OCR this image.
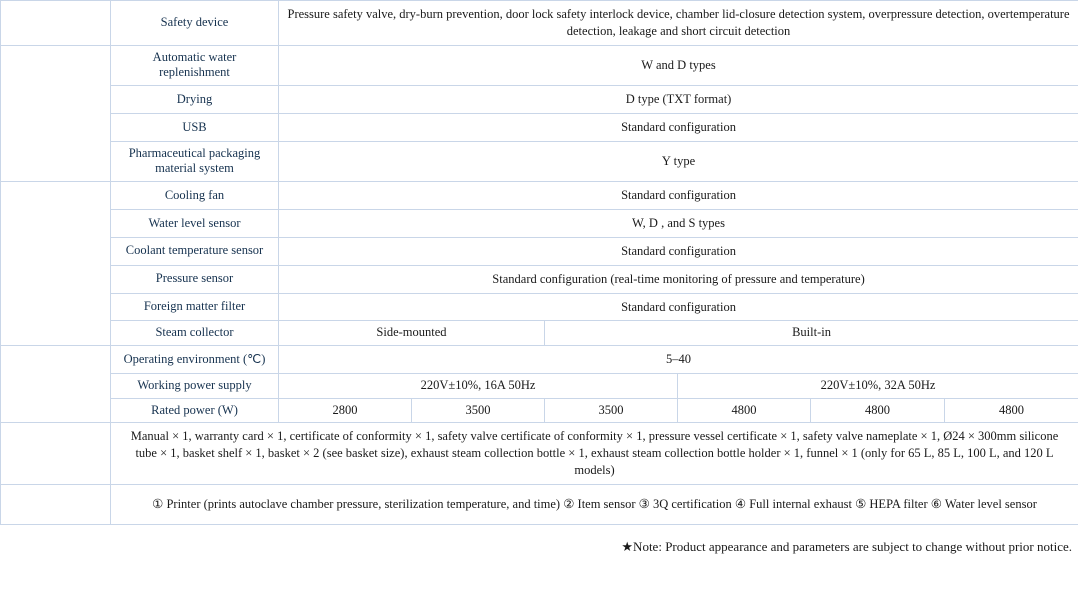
Safety	Safety device	Pressure safety valve, dry-burn prevention, door lock safety interlock device, chamber lid-closure detection system, overpressure detection, overtemperature detection, leakage and short circuit detection					
Equipment functions	Automatic water replenishment	W and D types					
	Drying	D type (TXT format)					
	USB	Standard configuration					
	Pharmaceutical packaging material system	Y type					
Equipment components	Cooling fan	Standard configuration					
	Water level sensor	W, D , and S types					
	Coolant temperature sensor	Standard configuration					
	Pressure sensor	Standard configuration (real-time monitoring of pressure and temperature)					
	Foreign matter filter	Standard configuration					
	Steam collector	Side-mounted		Built-in			
Electrical	Operating environment (℃)	5–40					
	Working power supply	220V±10%, 16A 50Hz			220V±10%, 32A 50Hz		
	Rated power (W)	2800	3500	3500	4800	4800	4800
Packing list	Manual × 1, warranty card × 1, certificate of conformity × 1, safety valve certificate of conformity × 1, pressure vessel certificate × 1, safety valve nameplate × 1, Ø24 × 300mm silicone tube × 1, basket shelf × 1, basket × 2 (see basket size), exhaust steam collection bottle × 1, exhaust steam collection bottle holder × 1, funnel × 1 (only for 65 L, 85 L, 100 L, and 120 L models)						
Optional accessories	① Printer (prints autoclave chamber pressure, sterilization temperature, and time) ② Item sensor ③ 3Q certification ④ Full internal exhaust ⑤ HEPA filter ⑥ Water level sensor						
★Note: Product appearance and parameters are subject to change without prior notice.
